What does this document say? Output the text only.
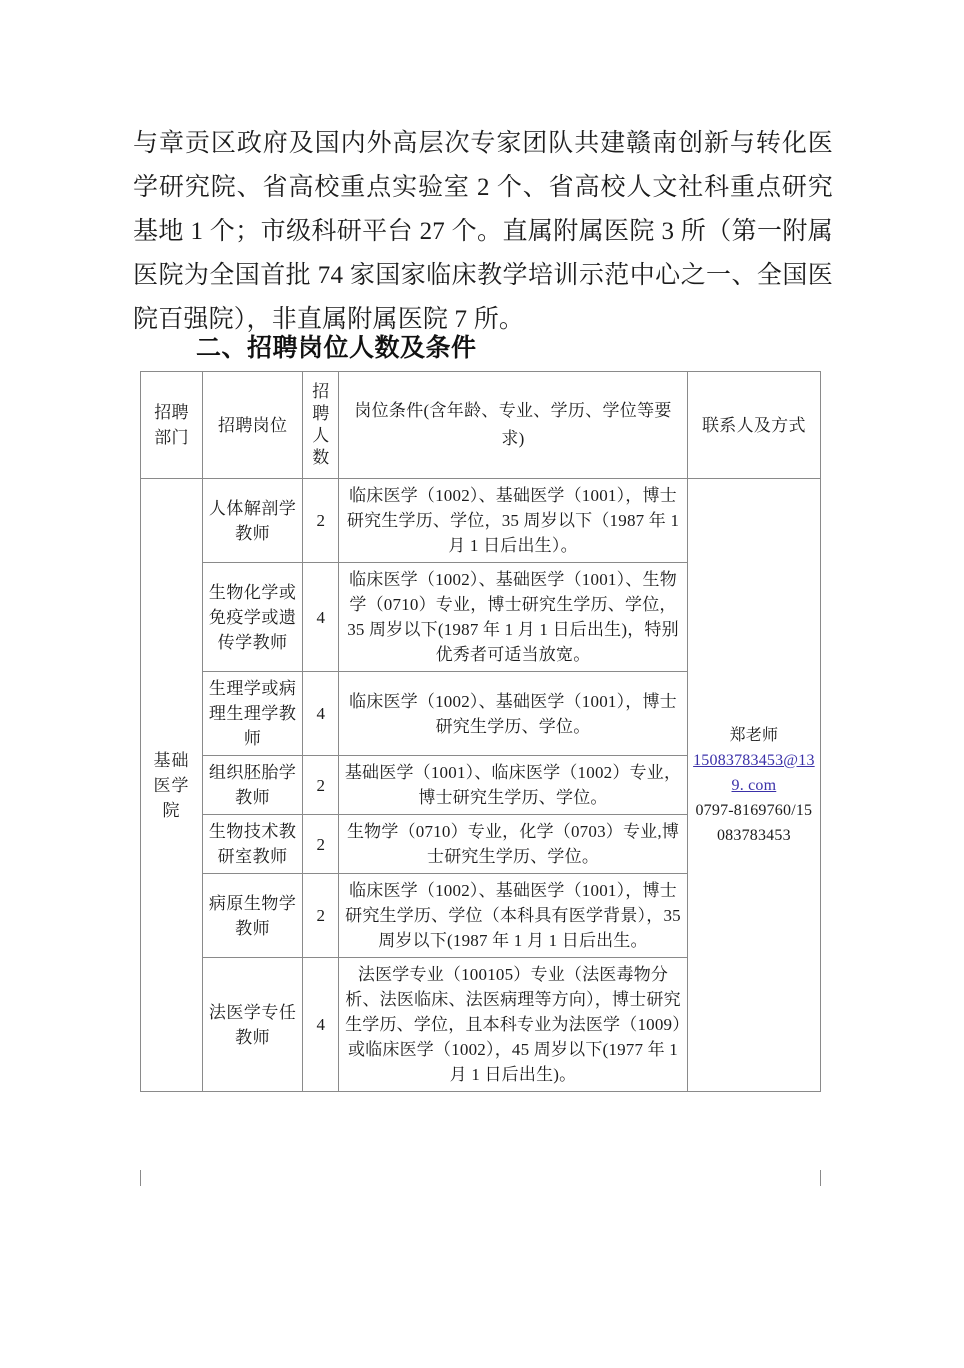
与章贡区政府及国内外高层次专家团队共建赣南创新与转化医学研究院、省高校重点实验室 2 个、省高校人文社科重点研究基地 1 个；市级科研平台 27 个。直属附属医院 3 所（第一附属医院为全国首批 74 家国家临床教学培训示范中心之一、全国医院百强院），非直属附属医院 7 所。

二、招聘岗位人数及条件
招聘部门	招聘岗位	招聘人数	岗位条件(含年龄、专业、学历、学位等要求)	联系人及方式
基础医学院	人体解剖学教师	2	临床医学（1002）、基础医学（1001），博士研究生学历、学位，35 周岁以下（1987 年 1 月 1 日后出生）。	郑老师
15083783453@139. com
0797-8169760/15083783453

	生物化学或免疫学或遗传学教师	4	临床医学（1002）、基础医学（1001）、生物学（0710）专业，博士研究生学历、学位，35 周岁以下(1987 年 1 月 1 日后出生)，特别优秀者可适当放宽。	
	生理学或病理生理学教师	4	临床医学（1002）、基础医学（1001），博士研究生学历、学位。	
	组织胚胎学教师	2	基础医学（1001）、临床医学（1002）专业，博士研究生学历、学位。	
	生物技术教研室教师	2	生物学（0710）专业，化学（0703）专业,博士研究生学历、学位。	
	病原生物学教师	2	临床医学（1002）、基础医学（1001），博士研究生学历、学位（本科具有医学背景），35 周岁以下(1987 年 1 月 1 日后出生。	
	法医学专任教师	4	法医学专业（100105）专业（法医毒物分析、法医临床、法医病理等方向），博士研究生学历、学位，且本科专业为法医学（1009）或临床医学（1002），45 周岁以下(1977 年 1 月 1 日后出生)。	
